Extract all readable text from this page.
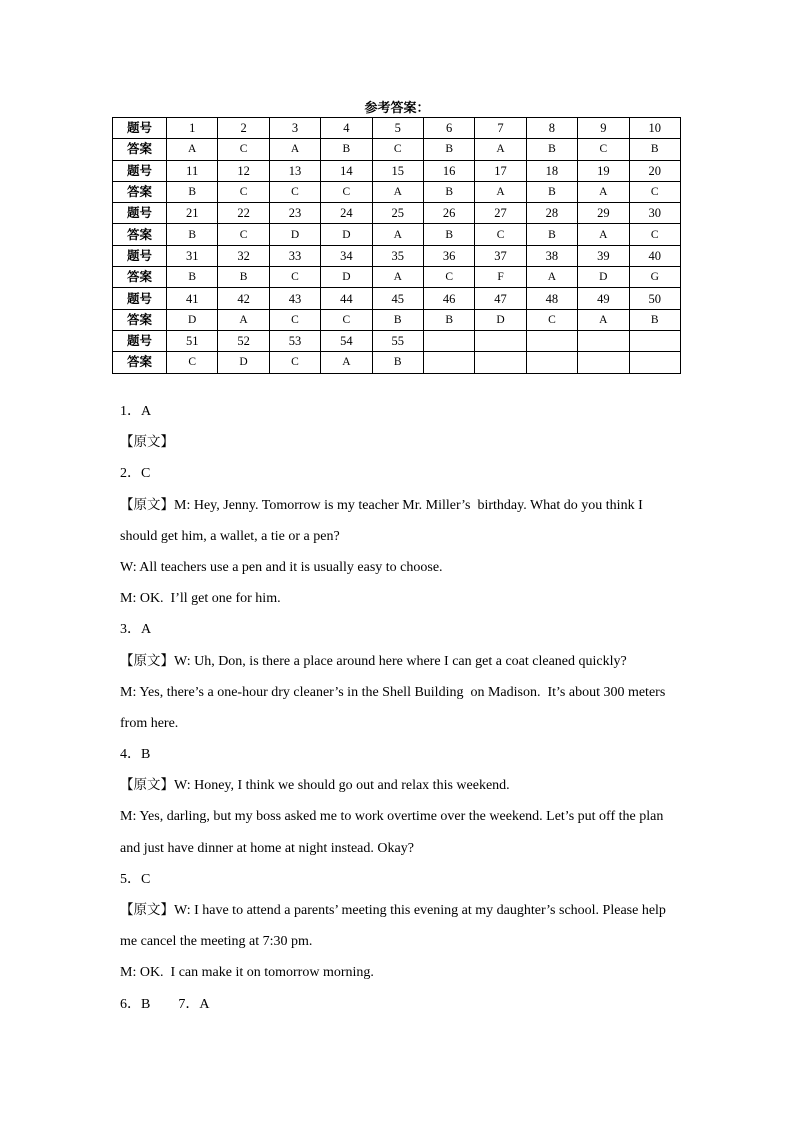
参考答案：
题号	1	2	3	4	5	6	7	8	9	10
答案	A	C	A	B	C	B	A	B	C	B
题号	11	12	13	14	15	16	17	18	19	20
答案	B	C	C	C	A	B	A	B	A	C
题号	21	22	23	24	25	26	27	28	29	30
答案	B	C	D	D	A	B	C	B	A	C
题号	31	32	33	34	35	36	37	38	39	40
答案	B	B	C	D	A	C	F	A	D	G
题号	41	42	43	44	45	46	47	48	49	50
答案	D	A	C	C	B	B	D	C	A	B
题号	51	52	53	54	55					
答案	C	D	C	A	B					
1．A
【原文】
2．C
【原文】M: Hey, Jenny. Tomorrow is my teacher Mr. Miller’s  birthday. What do you think I
should get him, a wallet, a tie or a pen?
W: All teachers use a pen and it is usually easy to choose.
M: OK.  I’ll get one for him.
3．A
【原文】W: Uh, Don, is there a place around here where I can get a coat cleaned quickly?
M: Yes, there’s a one-hour dry cleaner’s in the Shell Building  on Madison.  It’s about 300 meters
from here.
4．B
【原文】W: Honey, I think we should go out and relax this weekend.
M: Yes, darling, but my boss asked me to work overtime over the weekend. Let’s put off the plan
and just have dinner at home at night instead. Okay?
5．C
【原文】W: I have to attend a parents’ meeting this evening at my daughter’s school. Please help
me cancel the meeting at 7:30 pm.
M: OK.  I can make it on tomorrow morning.
6．B        7．A
